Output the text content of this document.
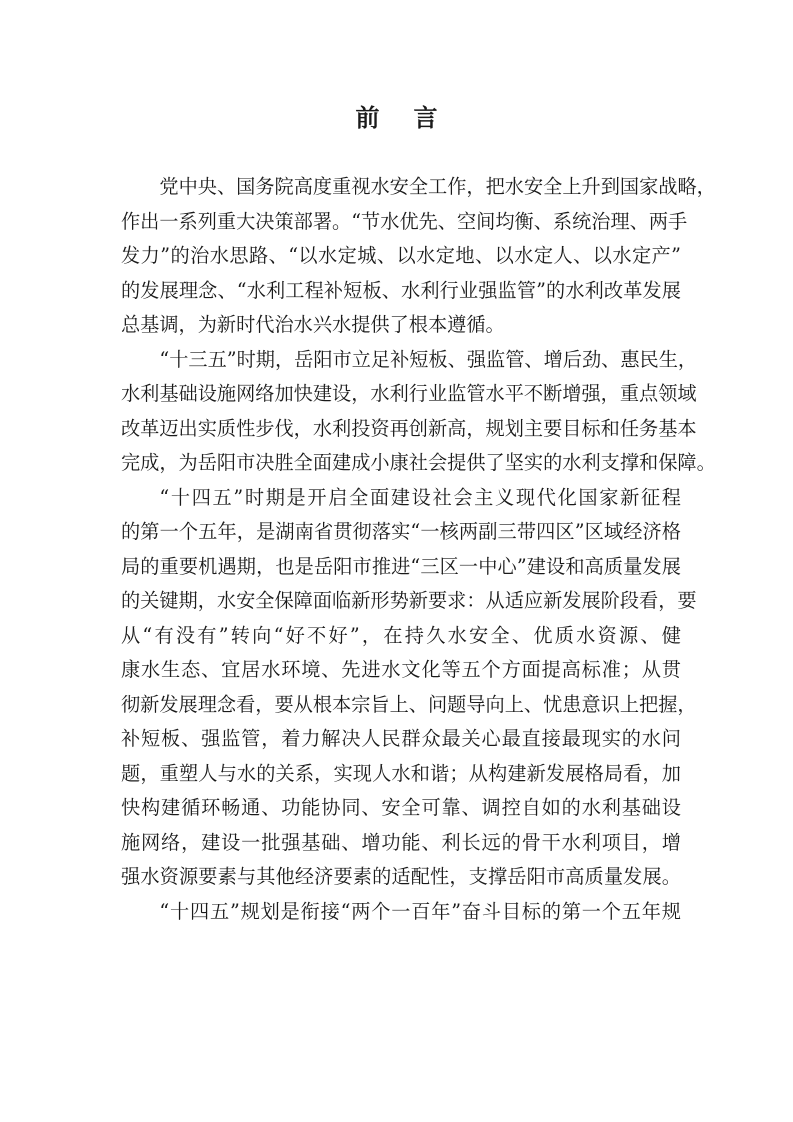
前言

党中央、国务院高度重视水安全工作，把水安全上升到国家战略，
作出一系列重大决策部署。“节水优先、空间均衡、系统治理、两手
发力”的治水思路、“以水定城、以水定地、以水定人、以水定产”
的发展理念、“水利工程补短板、水利行业强监管”的水利改革发展
总基调，为新时代治水兴水提供了根本遵循。

“十三五”时期，岳阳市立足补短板、强监管、增后劲、惠民生，
水利基础设施网络加快建设，水利行业监管水平不断增强，重点领域
改革迈出实质性步伐，水利投资再创新高，规划主要目标和任务基本
完成，为岳阳市决胜全面建成小康社会提供了坚实的水利支撑和保障。

“十四五”时期是开启全面建设社会主义现代化国家新征程
的第一个五年，是湖南省贯彻落实“一核两副三带四区”区域经济格
局的重要机遇期，也是岳阳市推进“三区一中心”建设和高质量发展
的关键期，水安全保障面临新形势新要求：从适应新发展阶段看，要
从“有没有”转向“好不好”，在持久水安全、优质水资源、健
康水生态、宜居水环境、先进水文化等五个方面提高标准；从贯
彻新发展理念看，要从根本宗旨上、问题导向上、忧患意识上把握，
补短板、强监管，着力解决人民群众最关心最直接最现实的水问
题，重塑人与水的关系，实现人水和谐；从构建新发展格局看，加
快构建循环畅通、功能协同、安全可靠、调控自如的水利基础设
施网络，建设一批强基础、增功能、利长远的骨干水利项目，增
强水资源要素与其他经济要素的适配性，支撑岳阳市高质量发展。

“十四五”规划是衔接“两个一百年”奋斗目标的第一个五年规
